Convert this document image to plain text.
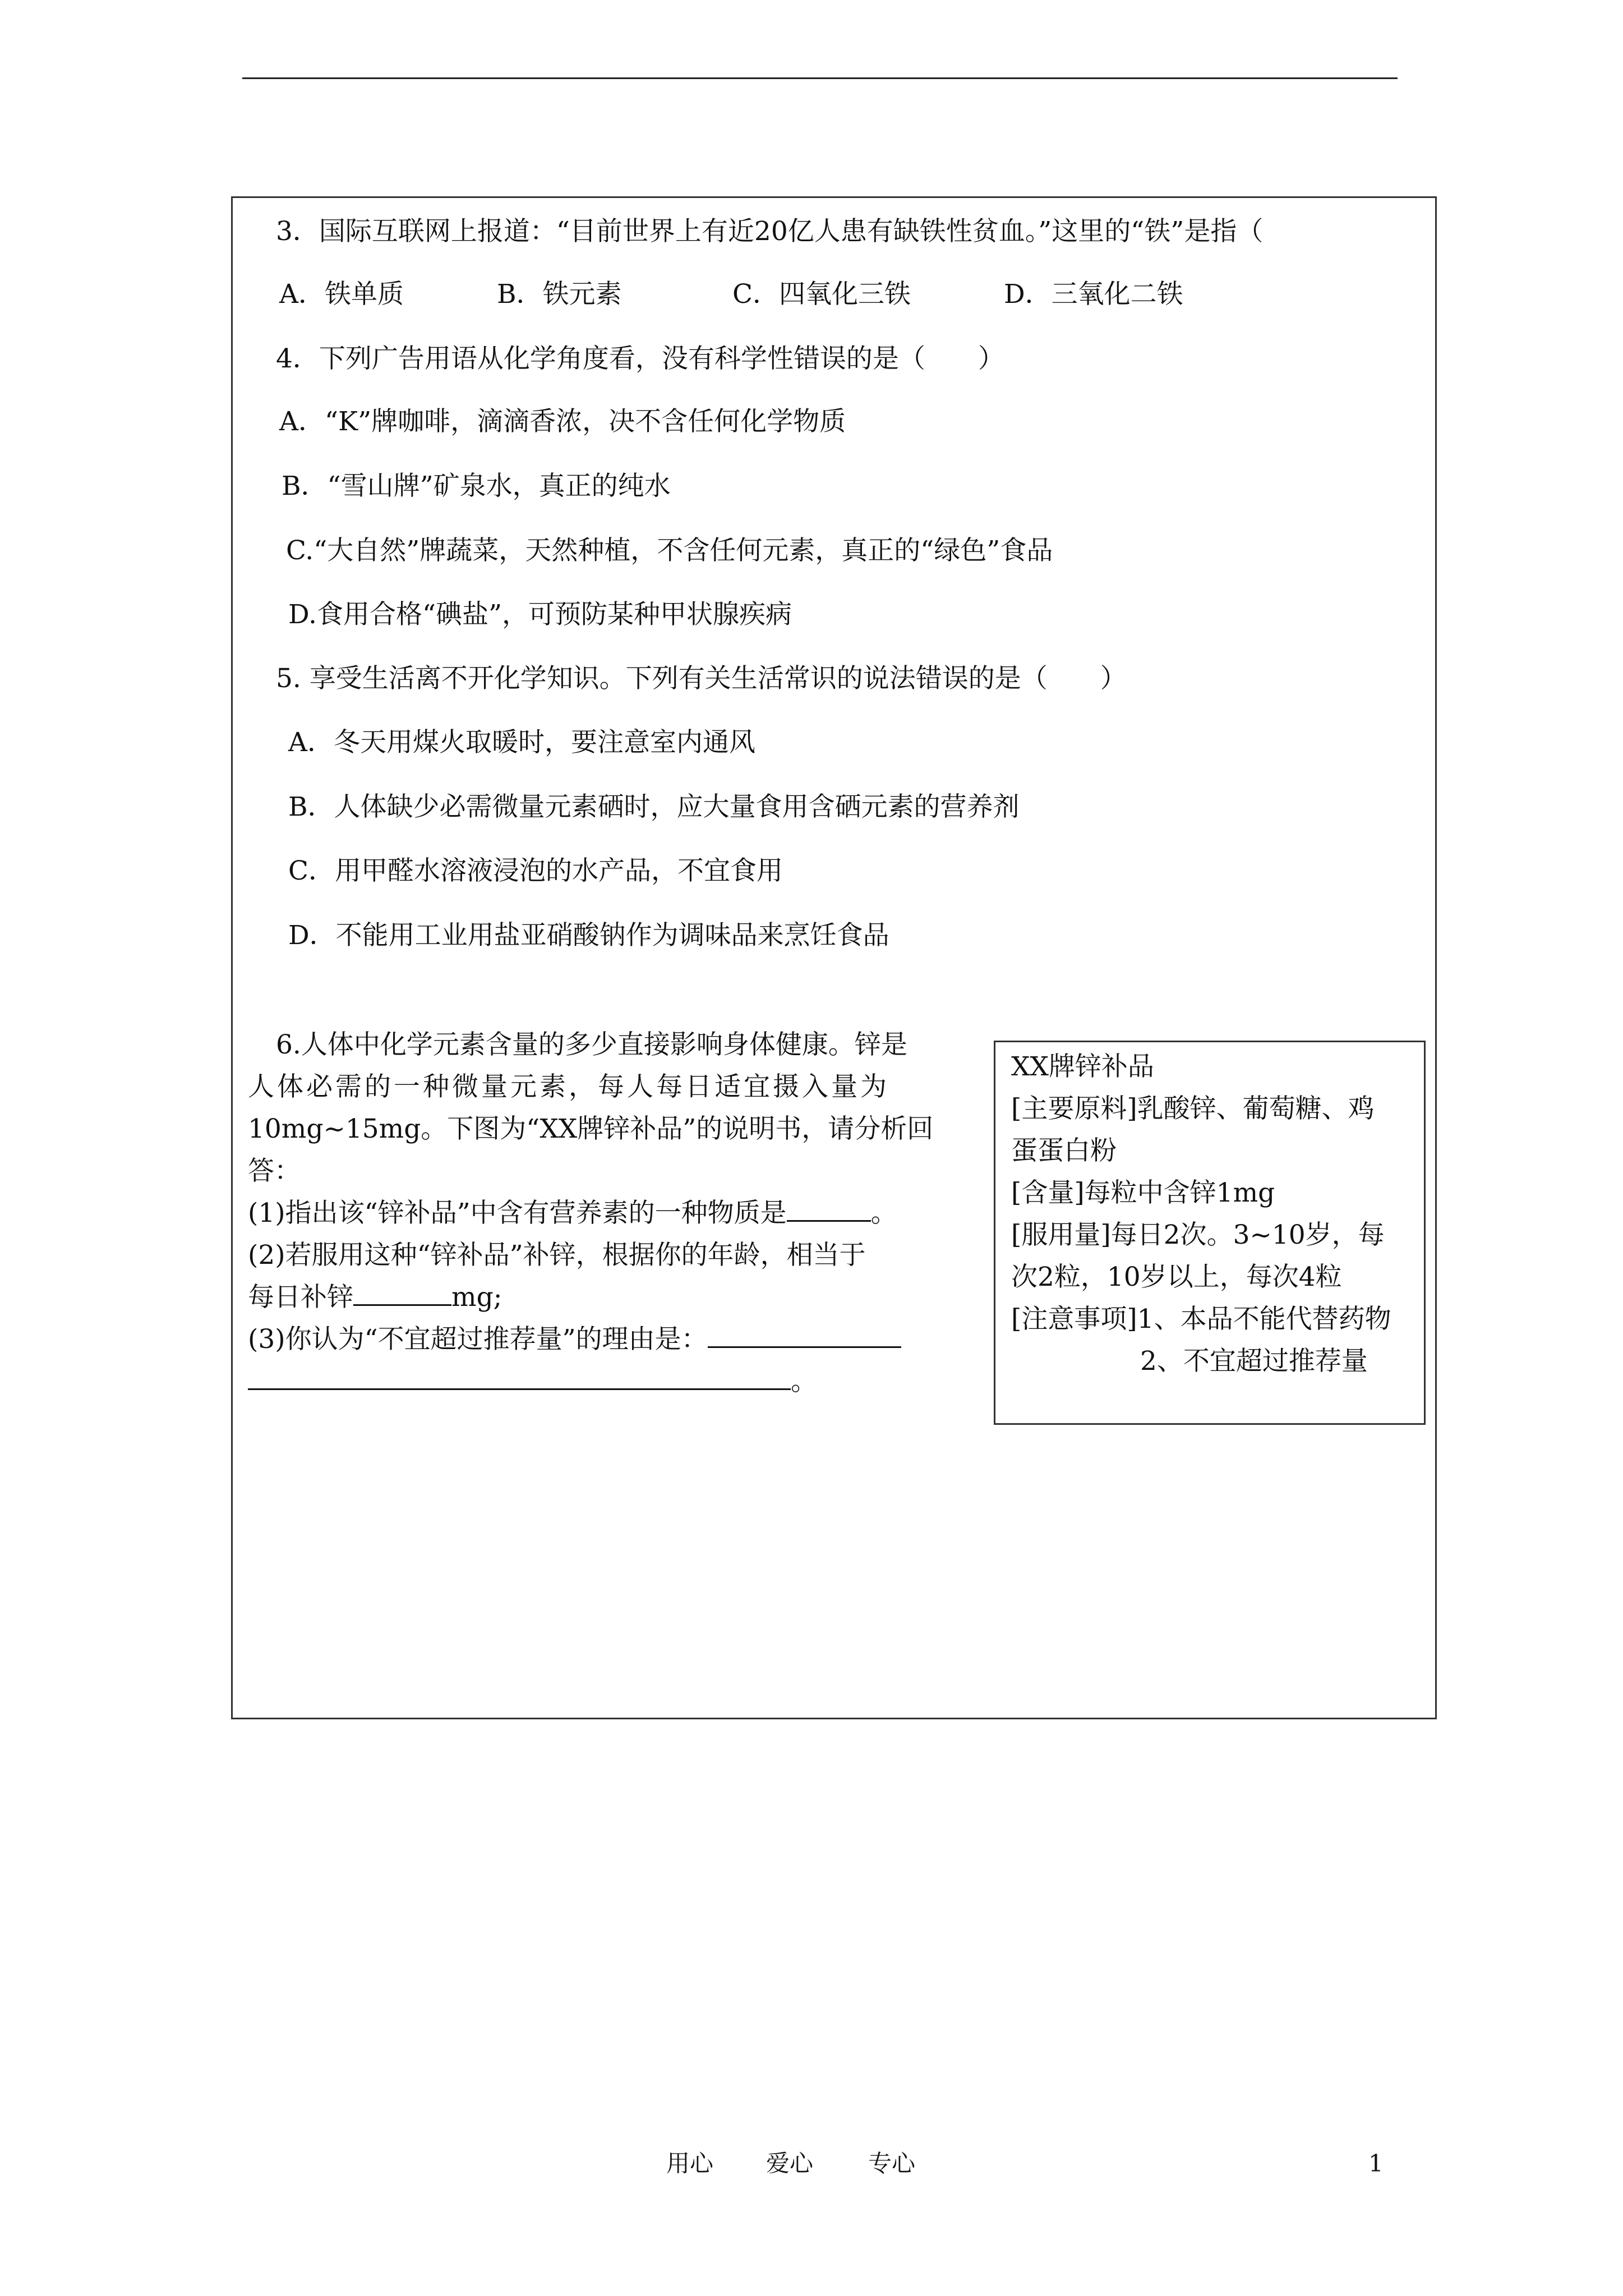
3．国际互联网上报道：“目前世界上有近20亿人患有缺铁性贫血。”这里的“铁”是指（
A．铁单质	B．铁元素	C．四氧化三铁	D．三氧化二铁
4．下列广告用语从化学角度看，没有科学性错误的是（　　）
A．“K”牌咖啡，滴滴香浓，决不含任何化学物质
B．“雪山牌”矿泉水，真正的纯水
C.“大自然”牌蔬菜，天然种植，不含任何元素，真正的“绿色”食品
D.食用合格“碘盐”，可预防某种甲状腺疾病
5. 享受生活离不开化学知识。下列有关生活常识的说法错误的是（　　）
A．冬天用煤火取暖时，要注意室内通风
B．人体缺少必需微量元素硒时，应大量食用含硒元素的营养剂
C．用甲醛水溶液浸泡的水产品，不宜食用
D．不能用工业用盐亚硝酸钠作为调味品来烹饪食品
6.人体中化学元素含量的多少直接影响身体健康。锌是
人体必需的一种微量元素，每人每日适宜摄入量为
10mg~15mg。下图为“XX牌锌补品”的说明书，请分析回
答：
(1)指出该“锌补品”中含有营养素的一种物质是	。
(2)若服用这种“锌补品”补锌，根据你的年龄，相当于
每日补锌	mg;
(3)你认为“不宜超过推荐量”的理由是：
。

XX牌锌补品

[主要原料]乳酸锌、葡萄糖、鸡

蛋蛋白粉

[含量]每粒中含锌1mg

[服用量]每日2次。3~10岁，每

次2粒，10岁以上，每次4粒

[注意事项]1、本品不能代替药物

2、不宜超过推荐量

用心 爱心 专心	1
